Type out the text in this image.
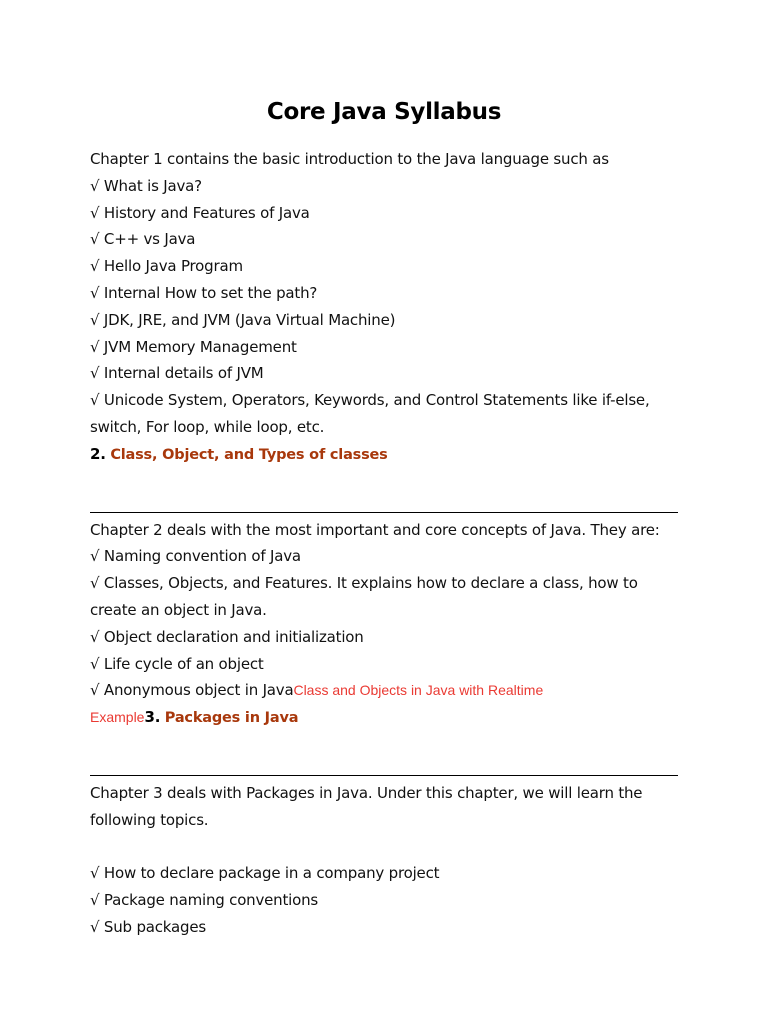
Core Java Syllabus
Chapter 1 contains the basic introduction to the Java language such as
√ What is Java?
√ History and Features of Java
√ C++ vs Java
√ Hello Java Program
√ Internal How to set the path?
√ JDK, JRE, and JVM (Java Virtual Machine)
√ JVM Memory Management
√ Internal details of JVM
√ Unicode System, Operators, Keywords, and Control Statements like if-else, switch, For loop, while loop, etc.
2. Class, Object, and Types of classes
Chapter 2 deals with the most important and core concepts of Java. They are:
√ Naming convention of Java
√ Classes, Objects, and Features. It explains how to declare a class, how to create an object in Java.
√ Object declaration and initialization
√ Life cycle of an object
√ Anonymous object in JavaClass and Objects in Java with Realtime
Example3. Packages in Java
Chapter 3 deals with Packages in Java. Under this chapter, we will learn the following topics.
√ How to declare package in a company project
√ Package naming conventions
√ Sub packages
